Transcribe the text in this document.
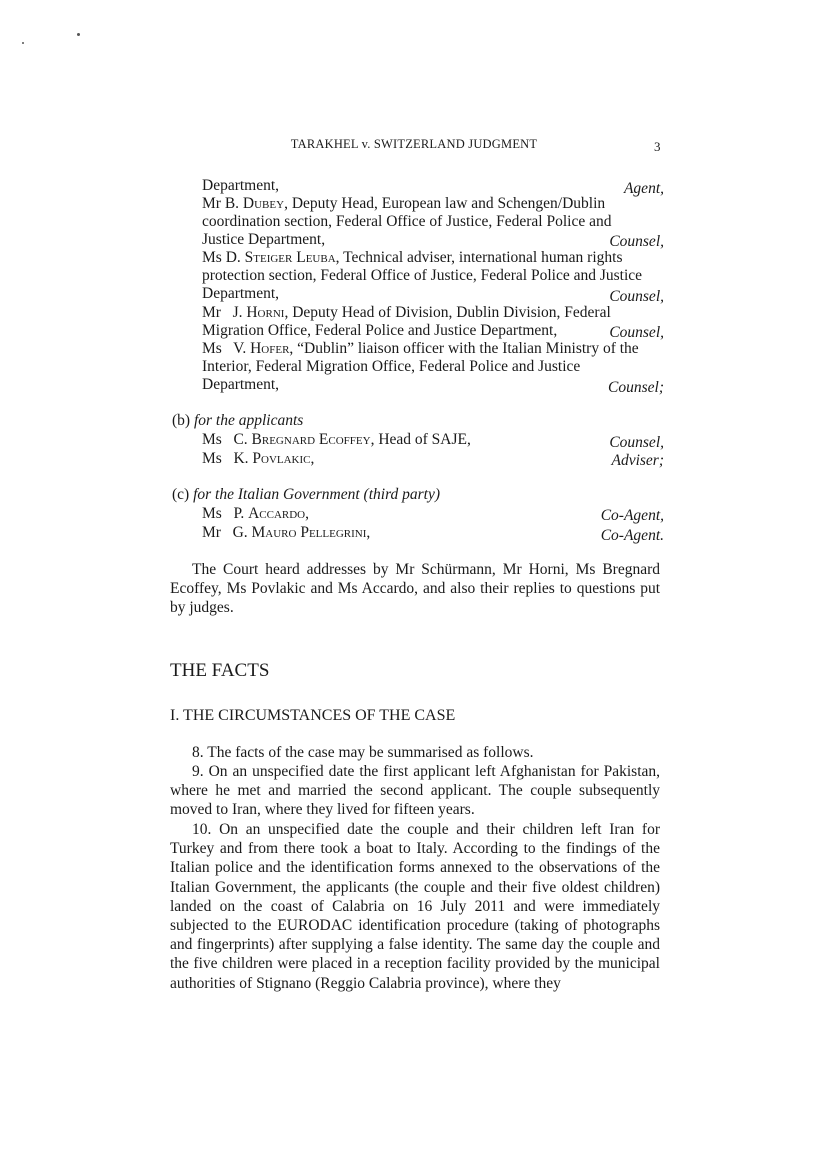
TARAKHEL v. SWITZERLAND JUDGMENT	3
Department,	Agent,
Mr B. Dubey, Deputy Head, European law and Schengen/Dublin
coordination section, Federal Office of Justice, Federal Police and
Justice Department,	Counsel,
Ms D. Steiger Leuba, Technical adviser, international human rights
protection section, Federal Office of Justice, Federal Police and Justice
Department,	Counsel,
Mr   J. Horni, Deputy Head of Division, Dublin Division, Federal
Migration Office, Federal Police and Justice Department,	Counsel,
Ms   V. Hofer, “Dublin” liaison officer with the Italian Ministry of the
Interior, Federal Migration Office, Federal Police and Justice
Department,	Counsel;
(b) for the applicants
Ms   C. Bregnard Ecoffey, Head of SAJE,	Counsel,
Ms   K. Povlakic,	Adviser;
(c) for the Italian Government (third party)
Ms   P. Accardo,	Co-Agent,
Mr   G. Mauro Pellegrini,	Co-Agent.

The Court heard addresses by Mr Schürmann, Mr Horni, Ms Bregnard Ecoffey, Ms Povlakic and Ms Accardo, and also their replies to questions put by judges.

THE FACTS
I. THE CIRCUMSTANCES OF THE CASE

8. The facts of the case may be summarised as follows.

9. On an unspecified date the first applicant left Afghanistan for Pakistan, where he met and married the second applicant. The couple subsequently moved to Iran, where they lived for fifteen years.

10. On an unspecified date the couple and their children left Iran for Turkey and from there took a boat to Italy. According to the findings of the Italian police and the identification forms annexed to the observations of the Italian Government, the applicants (the couple and their five oldest children) landed on the coast of Calabria on 16 July 2011 and were immediately subjected to the EURODAC identification procedure (taking of photographs and fingerprints) after supplying a false identity. The same day the couple and the five children were placed in a reception facility provided by the municipal authorities of Stignano (Reggio Calabria province), where they
